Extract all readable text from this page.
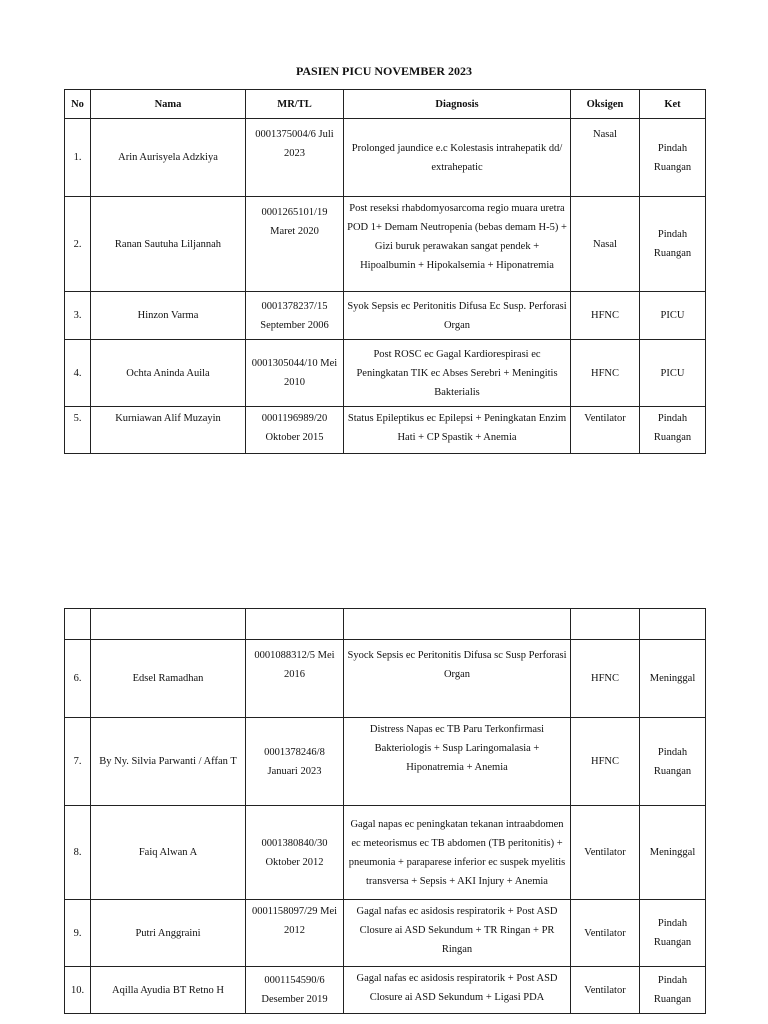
PASIEN PICU NOVEMBER 2023
No	Nama	MR/TL	Diagnosis	Oksigen	Ket
1.	Arin Aurisyela Adzkiya	0001375004/6 Juli 2023	Prolonged jaundice e.c Kolestasis intrahepatik dd/ extrahepatic	Nasal	Pindah Ruangan
2.	Ranan Sautuha Liljannah	0001265101/19 Maret 2020	Post reseksi rhabdomyosarcoma regio muara uretra POD 1+ Demam Neutropenia (bebas demam H-5) + Gizi buruk perawakan sangat pendek + Hipoalbumin + Hipokalsemia + Hiponatremia	Nasal	Pindah Ruangan
3.	Hinzon Varma	0001378237/15 September 2006	Syok Sepsis ec Peritonitis Difusa Ec Susp. Perforasi Organ	HFNC	PICU
4.	Ochta Aninda Auila	0001305044/10 Mei 2010	Post ROSC ec Gagal Kardiorespirasi ec Peningkatan TIK ec Abses Serebri + Meningitis Bakterialis	HFNC	PICU
5.	Kurniawan Alif Muzayin	0001196989/20 Oktober 2015	Status Epileptikus ec Epilepsi + Peningkatan Enzim Hati + CP Spastik + Anemia	Ventilator	Pindah Ruangan

6.	Edsel Ramadhan	0001088312/5 Mei 2016	Syock Sepsis ec Peritonitis Difusa sc Susp Perforasi Organ	HFNC	Meninggal
7.	By Ny. Silvia Parwanti / Affan T	0001378246/8 Januari 2023	Distress Napas ec TB Paru Terkonfirmasi Bakteriologis + Susp Laringomalasia + Hiponatremia + Anemia	HFNC	Pindah Ruangan
8.	Faiq Alwan A	0001380840/30 Oktober 2012	Gagal napas ec peningkatan tekanan intraabdomen ec meteorismus ec TB abdomen (TB peritonitis) + pneumonia + paraparese inferior ec suspek myelitis transversa + Sepsis + AKI Injury + Anemia	Ventilator	Meninggal
9.	Putri Anggraini	0001158097/29 Mei 2012	Gagal nafas ec asidosis respiratorik + Post ASD Closure ai ASD Sekundum + TR Ringan + PR Ringan	Ventilator	Pindah Ruangan
10.	Aqilla Ayudia BT Retno H	0001154590/6 Desember 2019	Gagal nafas ec asidosis respiratorik + Post ASD Closure ai ASD Sekundum + Ligasi PDA	Ventilator	Pindah Ruangan
